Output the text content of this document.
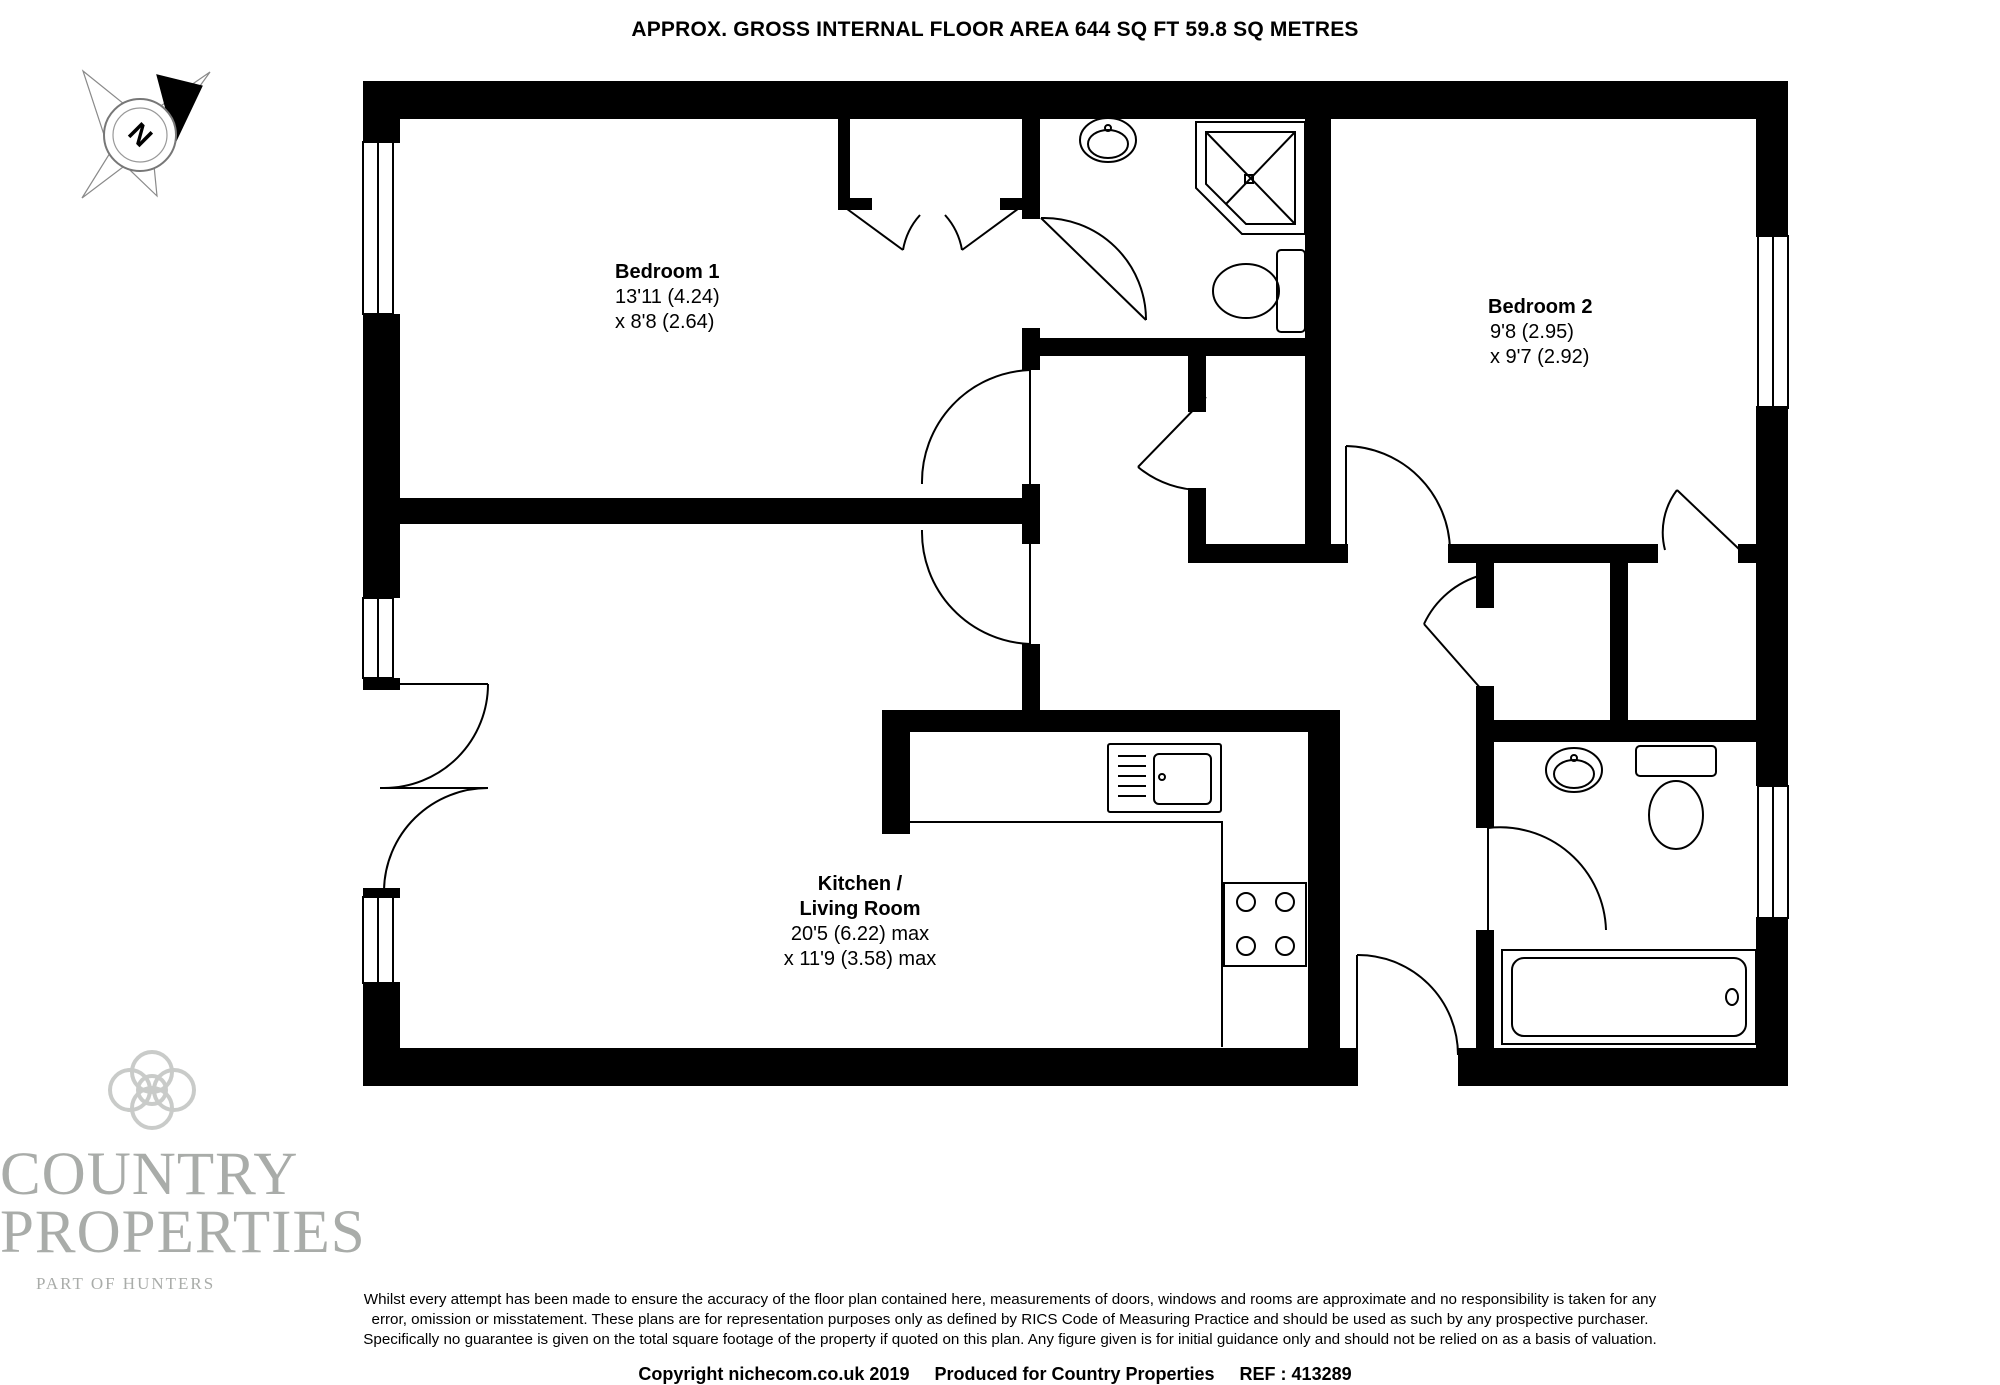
APPROX. GROSS INTERNAL FLOOR AREA 644 SQ FT 59.8 SQ METRES
N
Bedroom 1
13'11 (4.24)
x 8'8 (2.64)
Bedroom 2
9'8 (2.95)
x 9'7 (2.92)
Kitchen /
Living Room
20'5 (6.22) max
x 11'9 (3.58) max
COUNTRY
PROPERTIES
PART OF HUNTERS
Whilst every attempt has been made to ensure the accuracy of the floor plan contained here, measurements of doors, windows and rooms are approximate and no responsibility is taken for any
error, omission or misstatement. These plans are for representation purposes only as defined by RICS Code of Measuring Practice and should be used as such by any prospective purchaser.
Specifically no guarantee is given on the total square footage of the property if quoted on this plan. Any figure given is for initial guidance only and should not be relied on as a basis of valuation.
Copyright nichecom.co.uk 2019 Produced for Country Properties REF : 413289
